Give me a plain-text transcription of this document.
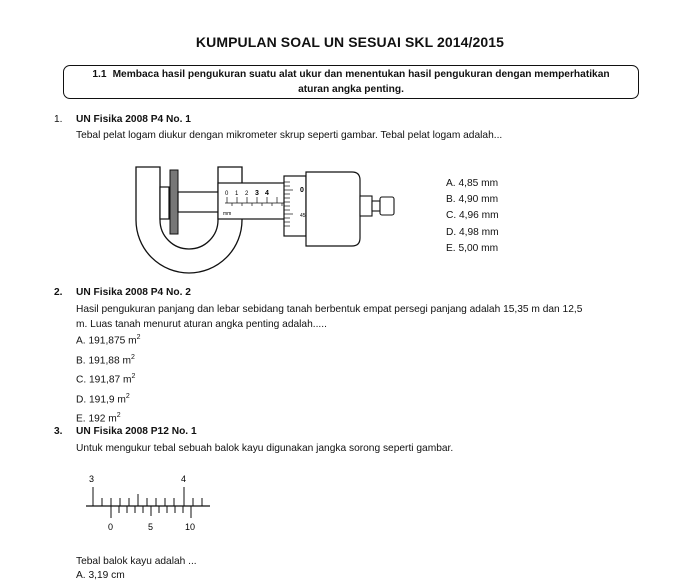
KUMPULAN SOAL UN SESUAI SKL 2014/2015
1.1 Membaca hasil pengukuran suatu alat ukur dan menentukan hasil pengukuran dengan memperhatikan
aturan angka penting.
1. UN Fisika 2008 P4 No. 1
Tebal pelat logam diukur dengan mikrometer skrup seperti gambar. Tebal pelat logam adalah...
0 1 2 3 4
mm
0
45
A. 4,85 mm
B. 4,90 mm
C. 4,96 mm
D. 4,98 mm
E. 5,00 mm
2. UN Fisika 2008 P4 No. 2
Hasil pengukuran panjang dan lebar sebidang tanah berbentuk empat persegi panjang adalah 15,35 m dan 12,5
m. Luas tanah menurut aturan angka penting adalah.....
A. 191,875 $m^2$
B. 191,88 $m^2$
C. 191,87 $m^2$
D. 191,9 $m^2$
E. 192 $m^2$
3. UN Fisika 2008 P12 No. 1
Untuk mengukur tebal sebuah balok kayu digunakan jangka sorong seperti gambar.
3	4
0	5	10
Tebal balok kayu adalah ...
A. 3,19 cm
